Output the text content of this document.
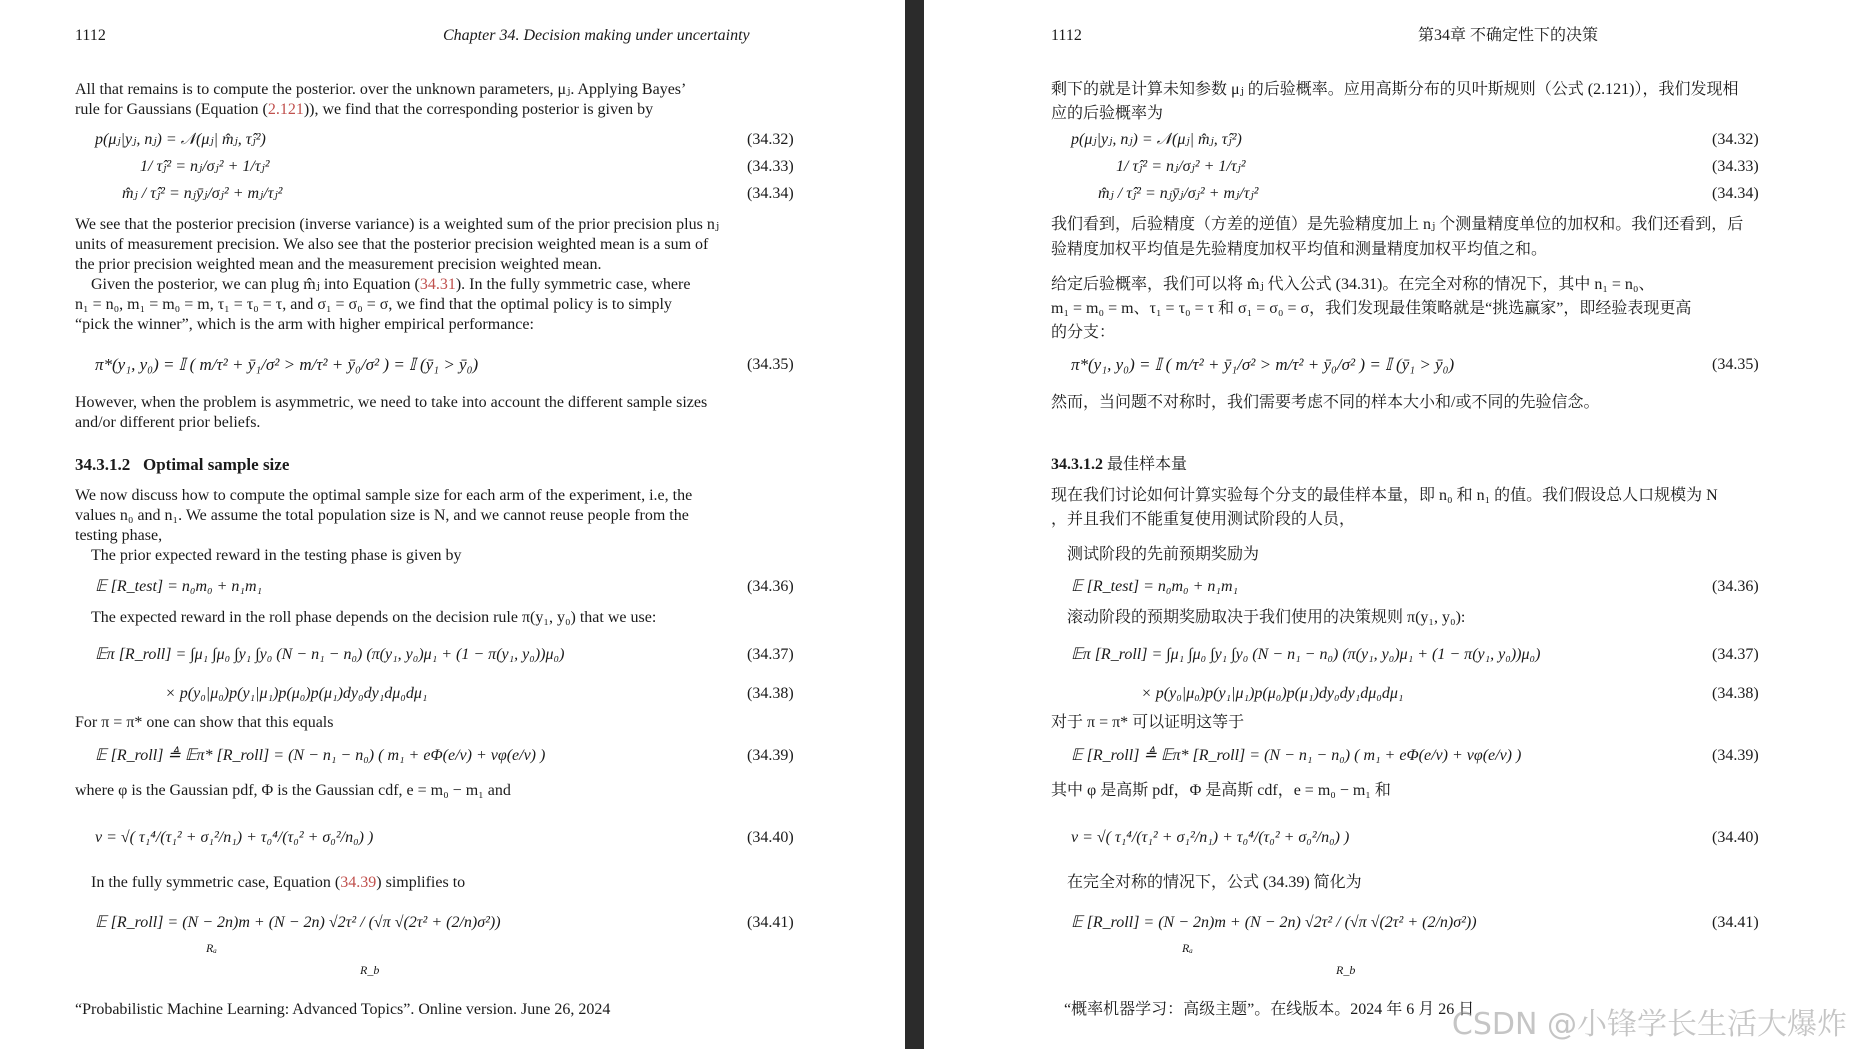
1112	Chapter 34. Decision making under uncertainty
All that remains is to compute the posterior. over the unknown parameters, μⱼ. Applying Bayes’
rule for Gaussians (Equation (2.121)), we find that the corresponding posterior is given by
p(μⱼ|yⱼ, nⱼ) = 𝒩(μⱼ| m̂ⱼ, τ̂ⱼ²)	(34.32)
1/ τ̂ⱼ² = nⱼ/σⱼ² + 1/τⱼ²	(34.33)
m̂ⱼ / τ̂ⱼ² = nⱼȳⱼ/σⱼ² + mⱼ/τⱼ²	(34.34)
We see that the posterior precision (inverse variance) is a weighted sum of the prior precision plus nⱼ
units of measurement precision. We also see that the posterior precision weighted mean is a sum of
the prior precision weighted mean and the measurement precision weighted mean.
Given the posterior, we can plug m̂ⱼ into Equation (34.31). In the fully symmetric case, where
n₁ = n₀, m₁ = m₀ = m, τ₁ = τ₀ = τ, and σ₁ = σ₀ = σ, we find that the optimal policy is to simply
“pick the winner”, which is the arm with higher empirical performance:
π*(y₁, y₀) = 𝕀 ( m/τ² + ȳ₁/σ² > m/τ² + ȳ₀/σ² ) = 𝕀 (ȳ₁ > ȳ₀)	(34.35)
However, when the problem is asymmetric, we need to take into account the different sample sizes
and/or different prior beliefs.
34.3.1.2 Optimal sample size
We now discuss how to compute the optimal sample size for each arm of the experiment, i.e, the
values n₀ and n₁. We assume the total population size is N, and we cannot reuse people from the
testing phase,
The prior expected reward in the testing phase is given by
𝔼 [R_test] = n₀m₀ + n₁m₁	(34.36)
The expected reward in the roll phase depends on the decision rule π(y₁, y₀) that we use:
𝔼π [R_roll] = ∫μ₁ ∫μ₀ ∫y₁ ∫y₀ (N − n₁ − n₀) (π(y₁, y₀)μ₁ + (1 − π(y₁, y₀))μ₀)	(34.37)
× p(y₀|μ₀)p(y₁|μ₁)p(μ₀)p(μ₁)dy₀dy₁dμ₀dμ₁	(34.38)
For π = π* one can show that this equals
𝔼 [R_roll] ≜ 𝔼π* [R_roll] = (N − n₁ − n₀) ( m₁ + eΦ(e/v) + vφ(e/v) )	(34.39)
where φ is the Gaussian pdf, Φ is the Gaussian cdf, e = m₀ − m₁ and
v = √( τ₁⁴/(τ₁² + σ₁²/n₁) + τ₀⁴/(τ₀² + σ₀²/n₀) )	(34.40)
In the fully symmetric case, Equation (34.39) simplifies to
𝔼 [R_roll] = (N − 2n)m + (N − 2n) √2τ² / (√π √(2τ² + (2/n)σ²))	(34.41)
Rₐ
R_b
“Probabilistic Machine Learning: Advanced Topics”. Online version. June 26, 2024
1112	第34章 不确定性下的决策
剩下的就是计算未知参数 μⱼ 的后验概率。应用高斯分布的贝叶斯规则（公式 (2.121)），我们发现相
应的后验概率为
p(μⱼ|yⱼ, nⱼ) = 𝒩(μⱼ| m̂ⱼ, τ̂ⱼ²)	(34.32)
1/ τ̂ⱼ² = nⱼ/σⱼ² + 1/τⱼ²	(34.33)
m̂ⱼ / τ̂ⱼ² = nⱼȳⱼ/σⱼ² + mⱼ/τⱼ²	(34.34)
我们看到，后验精度（方差的逆值）是先验精度加上 nⱼ 个测量精度单位的加权和。我们还看到，后
验精度加权平均值是先验精度加权平均值和测量精度加权平均值之和。
给定后验概率，我们可以将 m̂ⱼ 代入公式 (34.31)。在完全对称的情况下，其中 n₁ = n₀、
m₁ = m₀ = m、τ₁ = τ₀ = τ 和 σ₁ = σ₀ = σ，我们发现最佳策略就是“挑选赢家”，即经验表现更高
的分支：
π*(y₁, y₀) = 𝕀 ( m/τ² + ȳ₁/σ² > m/τ² + ȳ₀/σ² ) = 𝕀 (ȳ₁ > ȳ₀)	(34.35)
然而，当问题不对称时，我们需要考虑不同的样本大小和/或不同的先验信念。
34.3.1.2 最佳样本量
现在我们讨论如何计算实验每个分支的最佳样本量，即 n₀ 和 n₁ 的值。我们假设总人口规模为 N
，并且我们不能重复使用测试阶段的人员，
测试阶段的先前预期奖励为
𝔼 [R_test] = n₀m₀ + n₁m₁	(34.36)
滚动阶段的预期奖励取决于我们使用的决策规则 π(y₁, y₀):
𝔼π [R_roll] = ∫μ₁ ∫μ₀ ∫y₁ ∫y₀ (N − n₁ − n₀) (π(y₁, y₀)μ₁ + (1 − π(y₁, y₀))μ₀)	(34.37)
× p(y₀|μ₀)p(y₁|μ₁)p(μ₀)p(μ₁)dy₀dy₁dμ₀dμ₁	(34.38)
对于 π = π* 可以证明这等于
𝔼 [R_roll] ≜ 𝔼π* [R_roll] = (N − n₁ − n₀) ( m₁ + eΦ(e/v) + vφ(e/v) )	(34.39)
其中 φ 是高斯 pdf，Φ 是高斯 cdf，e = m₀ − m₁ 和
v = √( τ₁⁴/(τ₁² + σ₁²/n₁) + τ₀⁴/(τ₀² + σ₀²/n₀) )	(34.40)
在完全对称的情况下，公式 (34.39) 简化为
𝔼 [R_roll] = (N − 2n)m + (N − 2n) √2τ² / (√π √(2τ² + (2/n)σ²))	(34.41)
Rₐ
R_b
“概率机器学习：高级主题”。在线版本。2024 年 6 月 26 日
CSDN @小锋学长生活大爆炸
